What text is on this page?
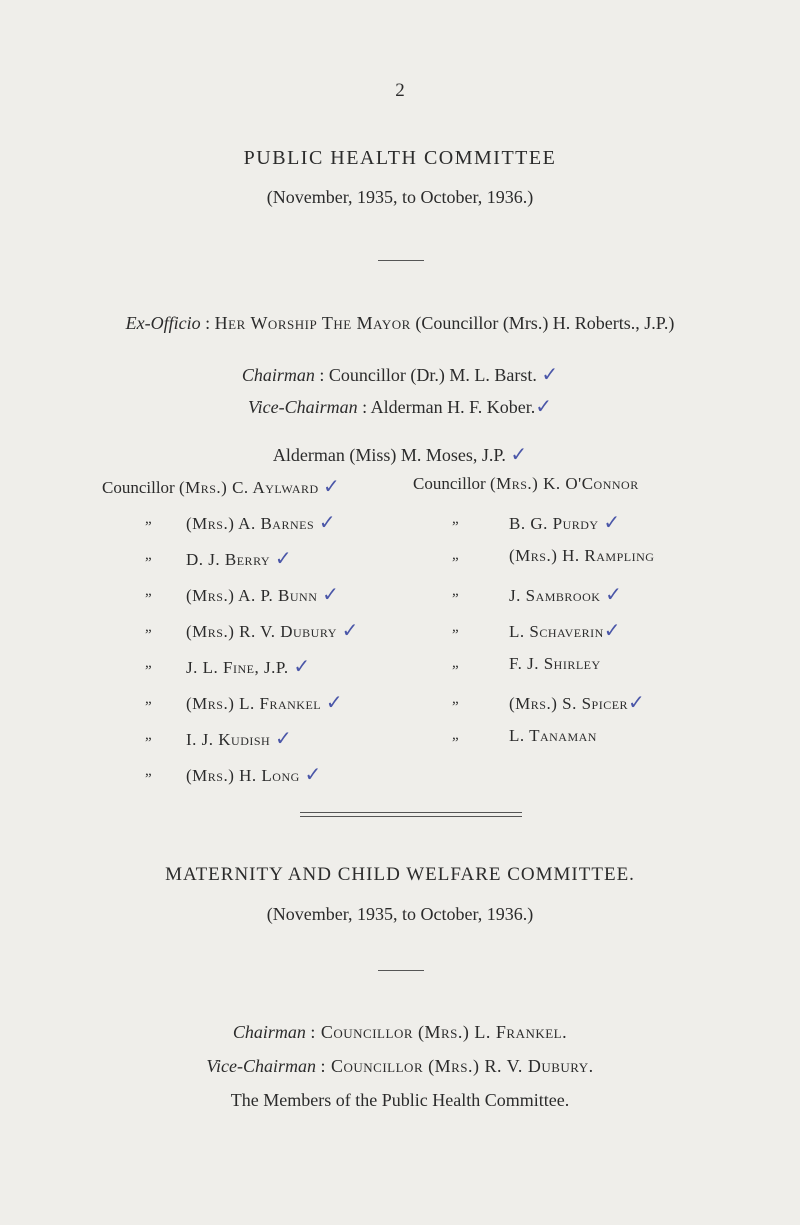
2
PUBLIC HEALTH COMMITTEE
(November, 1935, to October, 1936.)
Ex-Officio : Her Worship The Mayor (Councillor (Mrs.) H. Roberts., J.P.)
Chairman : Councillor (Dr.) M. L. Barst. ✓
Vice-Chairman : Alderman H. F. Kober.✓
Alderman (Miss) M. Moses, J.P. ✓
Councillor (Mrs.) C. Aylward ✓
„ (Mrs.) A. Barnes ✓
„ D. J. Berry ✓
„ (Mrs.) A. P. Bunn ✓
„ (Mrs.) R. V. Dubury ✓
„ J. L. Fine, J.P. ✓
„ (Mrs.) L. Frankel ✓
„ I. J. Kudish ✓
„ (Mrs.) H. Long ✓
Councillor (Mrs.) K. O'Connor
„	B. G. Purdy ✓
„	(Mrs.) H. Rampling
„	J. Sambrook ✓
„	L. Schaverin✓
„	F. J. Shirley
„	(Mrs.) S. Spicer✓
„	L. Tanaman
MATERNITY AND CHILD WELFARE COMMITTEE.
(November, 1935, to October, 1936.)
Chairman : Councillor (Mrs.) L. Frankel.
Vice-Chairman : Councillor (Mrs.) R. V. Dubury.
The Members of the Public Health Committee.
